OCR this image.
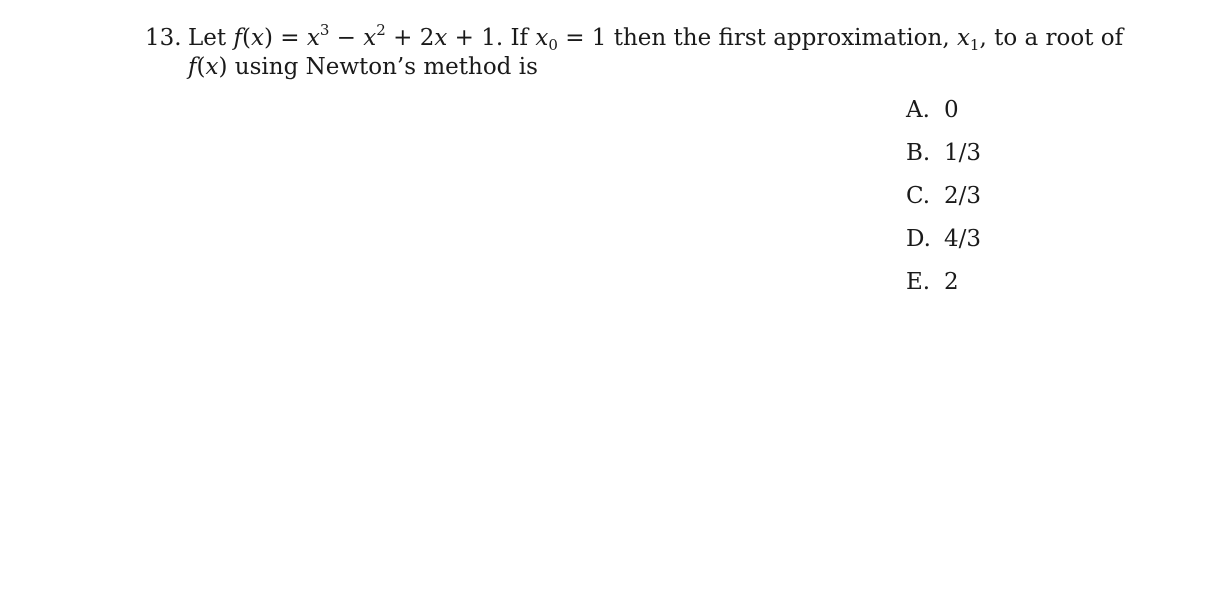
13. Let $f(x) = x^3 - x^2 + 2x + 1$. If $x_0 = 1$ then the first approximation, $x_1$, to a root of
f(x) using Newton’s method is
A. 0
B. 1/3
C. 2/3
D. 4/3
E. 2
